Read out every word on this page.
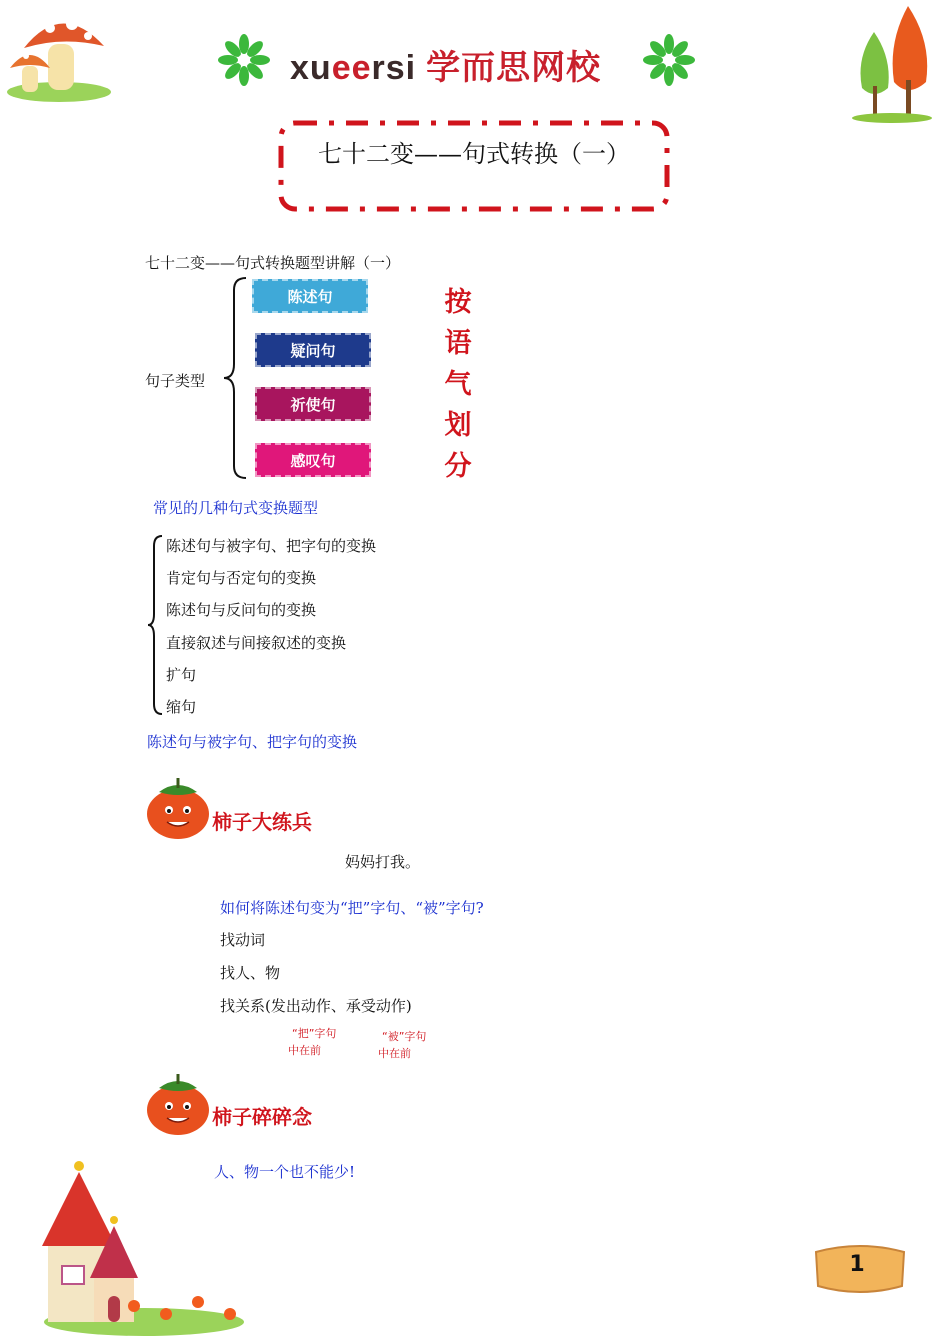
xueersi 学而思网校
七十二变——句式转换（一）
七十二变——句式转换题型讲解（一）
句子类型
陈述句
疑问句
祈使句
感叹句
按
语
气
划
分
常见的几种句式变换题型
陈述句与被字句、把字句的变换
肯定句与否定句的变换
陈述句与反问句的变换
直接叙述与间接叙述的变换
扩句
缩句
陈述句与被字句、把字句的变换
柿子大练兵
妈妈打我。
如何将陈述句变为“把”字句、“被”字句?
找动词
找人、物
找关系(发出动作、承受动作)
“把”字句
中在前
“被”字句
中在前
柿子碎碎念
人、物一个也不能少!
1
